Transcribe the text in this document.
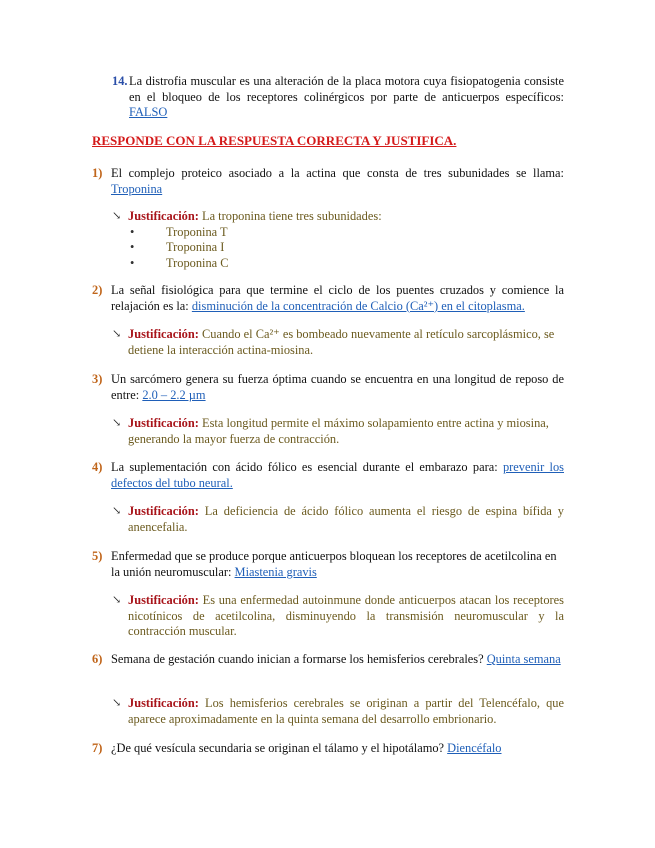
14. La distrofia muscular es una alteración de la placa motora cuya fisiopatogenia consiste en el bloqueo de los receptores colinérgicos por parte de anticuerpos específicos: FALSO
RESPONDE CON LA RESPUESTA CORRECTA Y JUSTIFICA.
1) El complejo proteico asociado a la actina que consta de tres subunidades se llama: Troponina
↘ Justificación: La troponina tiene tres subunidades:
•	Troponina T
•	Troponina I
•	Troponina C
2) La señal fisiológica para que termine el ciclo de los puentes cruzados y comience la relajación es la: disminución de la concentración de Calcio (Ca²⁺) en el citoplasma.
↘ Justificación: Cuando el Ca²⁺ es bombeado nuevamente al retículo sarcoplásmico, se detiene la interacción actina-miosina.
3) Un sarcómero genera su fuerza óptima cuando se encuentra en una longitud de reposo de entre: 2.0 – 2.2 µm
↘ Justificación: Esta longitud permite el máximo solapamiento entre actina y miosina, generando la mayor fuerza de contracción.
4) La suplementación con ácido fólico es esencial durante el embarazo para: prevenir los defectos del tubo neural.
↘ Justificación: La deficiencia de ácido fólico aumenta el riesgo de espina bífida y anencefalia.
5) Enfermedad que se produce porque anticuerpos bloquean los receptores de acetilcolina en la unión neuromuscular: Miastenia gravis
↘ Justificación: Es una enfermedad autoinmune donde anticuerpos atacan los receptores nicotínicos de acetilcolina, disminuyendo la transmisión neuromuscular y la contracción muscular.
6) Semana de gestación cuando inician a formarse los hemisferios cerebrales? Quinta semana
↘ Justificación: Los hemisferios cerebrales se originan a partir del Telencéfalo, que aparece aproximadamente en la quinta semana del desarrollo embrionario.
7) ¿De qué vesícula secundaria se originan el tálamo y el hipotálamo? Diencéfalo
